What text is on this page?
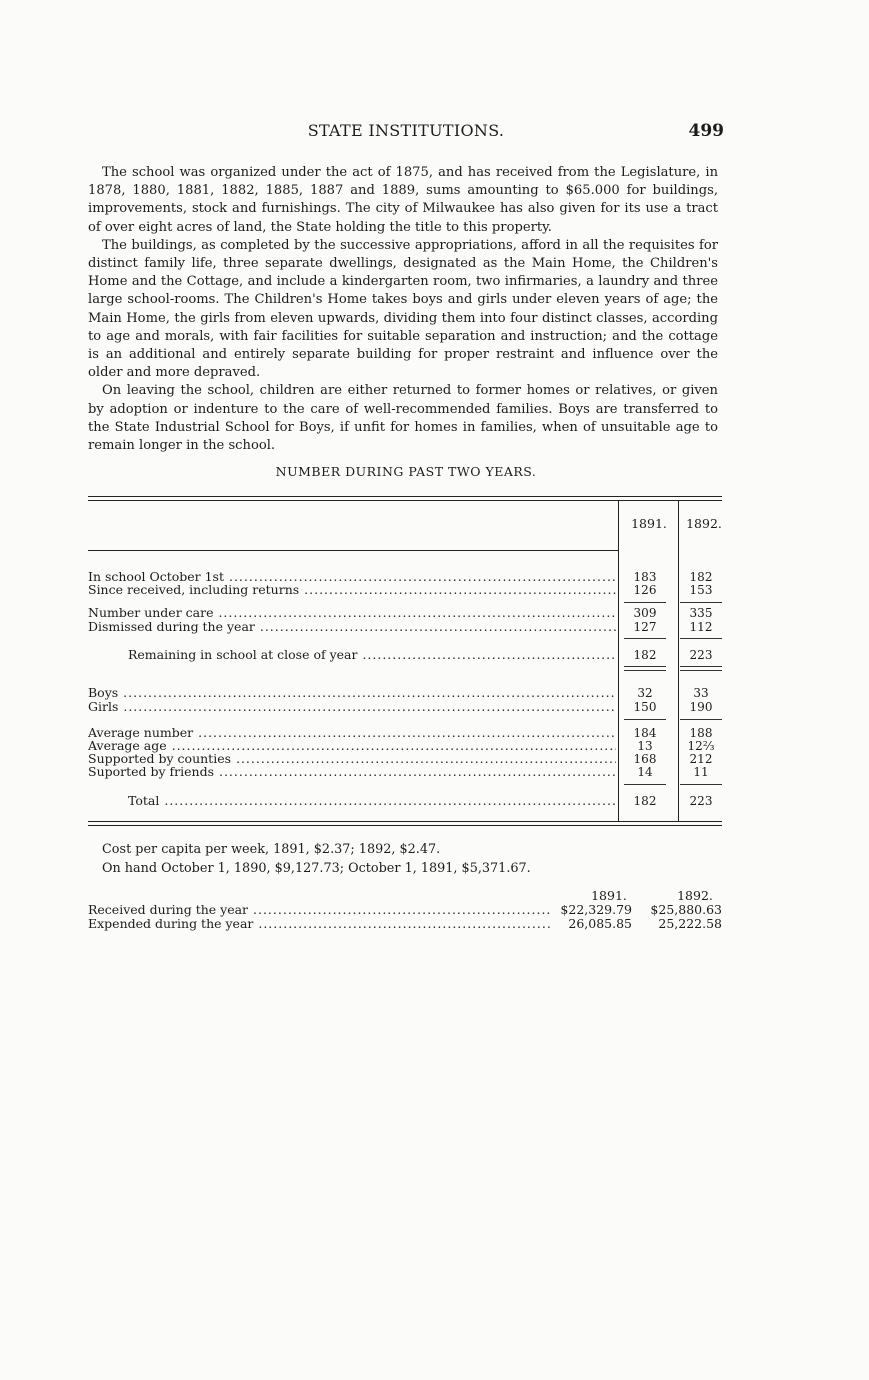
STATE INSTITUTIONS.	499

The school was organized under the act of 1875, and has received from the Legislature, in 1878, 1880, 1881, 1882, 1885, 1887 and 1889, sums amounting to $65.000 for buildings, improvements, stock and furnishings. The city of Milwaukee has also given for its use a tract of over eight acres of land, the State holding the title to this property.

The buildings, as completed by the successive appropriations, afford in all the requisites for distinct family life, three separate dwellings, designated as the Main Home, the Children's Home and the Cottage, and include a kindergarten room, two infirmaries, a laundry and three large school-rooms. The Children's Home takes boys and girls under eleven years of age; the Main Home, the girls from eleven upwards, dividing them into four distinct classes, according to age and morals, with fair facilities for suitable separation and instruction; and the cottage is an additional and entirely separate building for proper restraint and influence over the older and more depraved.

On leaving the school, children are either returned to former homes or relatives, or given by adoption or indenture to the care of well-recommended families. Boys are transferred to the State Industrial School for Boys, if unfit for homes in families, when of unsuitable age to remain longer in the school.

NUMBER DURING PAST TWO YEARS.
1891.	1892.
In school October 1st .....	183	182
Since received, including returns .....	126	153
Number under care .....	309	335
Dismissed during the year .....	127	112
Remaining in school at close of year .....	182	223
Boys .....	32	33
Girls .....	150	190
Average number .....	184	188
Average age .....	13	12⅔
Supported by counties .....	168	212
Suported by friends .....	14	11
Total .....	182	223
Cost per capita per week, 1891, $2.37; 1892, $2.47.
On hand October 1, 1890, $9,127.73; October 1, 1891, $5,371.67.
1891.	1892.
Received during the year .....	$22,329.79	$25,880.63
Expended during the year .....	26,085.85	25,222.58
